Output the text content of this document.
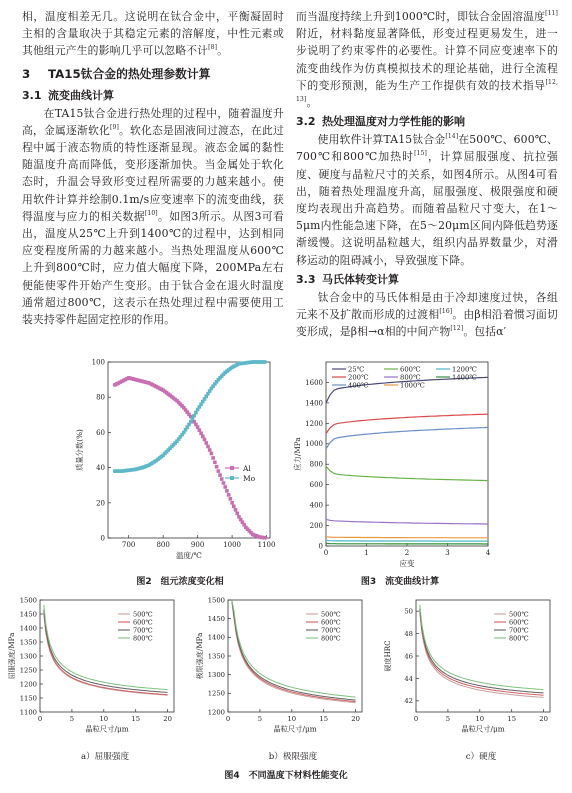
相，温度相差无几。这说明在钛合金中，平衡凝固时主相的含量取决于其稳定元素的溶解度，中性元素或其他组元产生的影响几乎可以忽略不计[8]。

3 TA15钛合金的热处理参数计算
3.1 流变曲线计算

在TA15钛合金进行热处理的过程中，随着温度升高，金属逐渐软化[9]。软化态是固液间过渡态，在此过程中属于液态物质的特性逐渐显现。液态金属的黏性随温度升高而降低，变形逐渐加快。当金属处于软化态时，升温会导致形变过程所需要的力越来越小。使用软件计算并绘制0.1m/s应变速率下的流变曲线，获得温度与应力的相关数据[10]。如图3所示。从图3可看出，温度从25℃上升到1400℃的过程中，达到相同应变程度所需的力越来越小。当热处理温度从600℃上升到800℃时，应力值大幅度下降，200MPa左右便能使零件开始产生变形。由于钛合金在退火时温度通常超过800℃，这表示在热处理过程中需要使用工装夹持零件起固定控形的作用。

而当温度持续上升到1000℃时，即钛合金固溶温度[11]附近，材料黏度显著降低，形变过程更易发生，进一步说明了约束零件的必要性。计算不同应变速率下的流变曲线作为仿真模拟技术的理论基础，进行全流程下的变形预测，能为生产工作提供有效的技术指导[12, 13]。

3.2 热处理温度对力学性能的影响

使用软件计算TA15钛合金[14]在500℃、600℃、700℃和800℃加热时[15]，计算屈服强度、抗拉强度、硬度与晶粒尺寸的关系，如图4所示。从图4可看出，随着热处理温度升高，屈服强度、极限强度和硬度均表现出升高趋势。而随着晶粒尺寸变大，在1～5μm内性能急速下降，在5～20μm区间内降低趋势逐渐缓慢。这说明晶粒越大，组织内晶界数量少，对滑移运动的阻碍减小，导致强度下降。

3.3 马氏体转变计算

钛合金中的马氏体相是由于冷却速度过快，各组元来不及扩散而形成的过渡相[16]。由β相沿着惯习面切变形成，是β相→α相的中间产物[12]。包括α′

700	800	900	1000 1100
0
20
40
60
80
100
温度/℃
质量分数(%)	Al
Mo
图2　组元浓度变化相
0	1	2	3	4
0
200
400
600
800
1000
1200
1400
1600
应变
应力/MPa
25℃
200℃
400℃
600℃
800℃
1000℃
1200℃
1400℃
图3　流变曲线计算
0	5	10	15	20
1100
1150
1200
1250
1300
1350
1400
1450
1500
晶粒尺寸/μm
屈服强度/MPa
500℃
600℃
700℃
800℃
0	5	10	15	20
1200
1250
1300
1350
1400
1450
1500
晶粒尺寸/μm
极限强度/MPa
500℃
600℃
700℃
800℃
0	5	10	15	20
42
44
46
48
50
晶粒尺寸/μm
硬度HRC
500℃
600℃
700℃
800℃
a）屈服强度	b）极限强度	c）硬度
图4　不同温度下材料性能变化
